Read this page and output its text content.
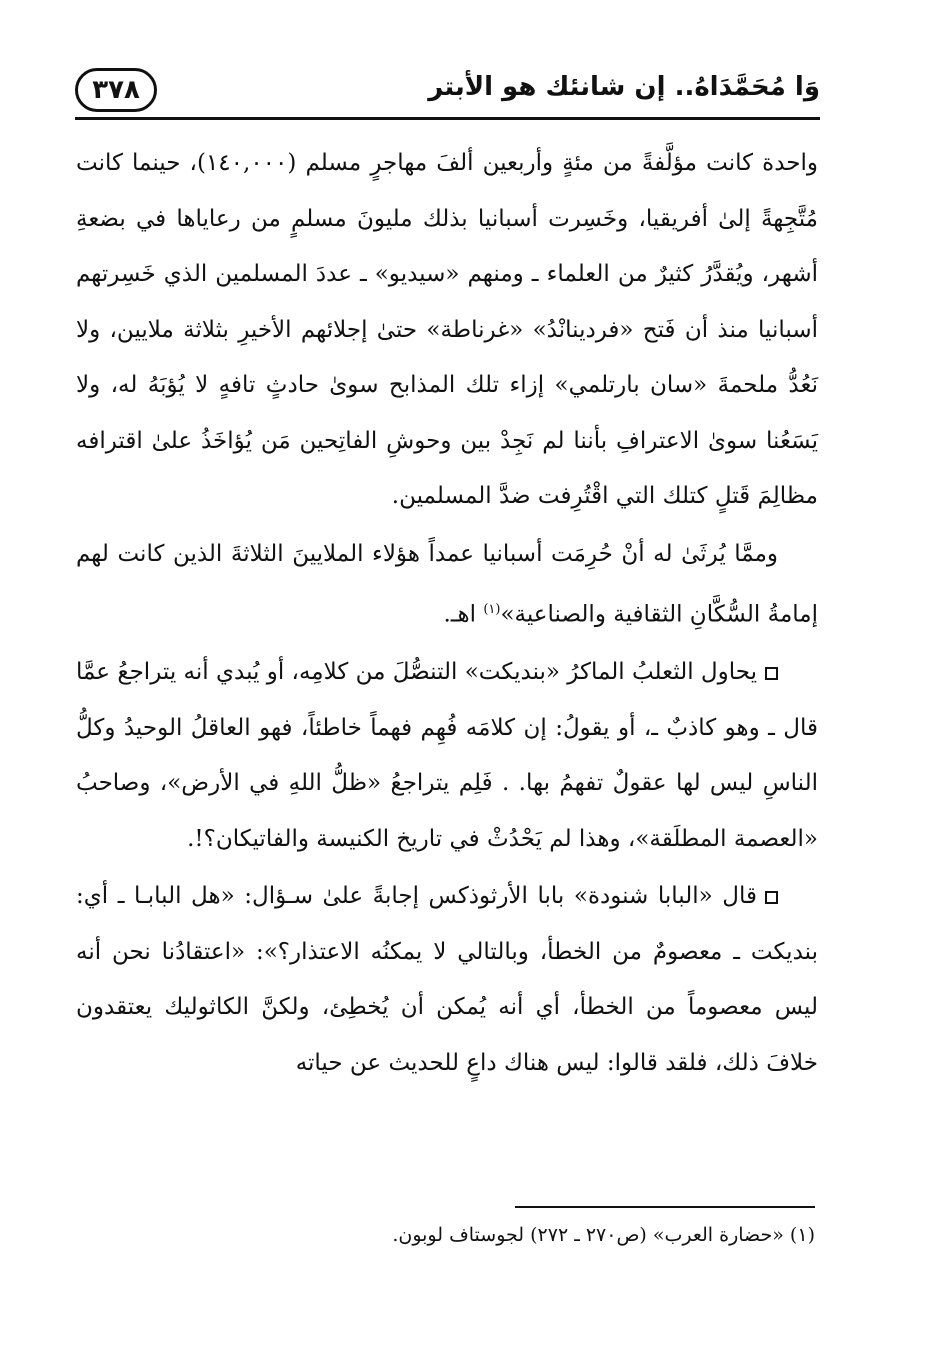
وَا مُحَمَّدَاهُ.. إن شانئك هو الأبتر
٣٧٨

واحدة كانت مؤلَّفةً من مئةٍ وأربعين ألفَ مهاجرٍ مسلم (١٤٠,٠٠٠)، حينما كانت مُتَّجِهةً إلىٰ أفريقيا، وخَسِرت أسبانيا بذلك مليونَ مسلمٍ من رعاياها في بضعةِ أشهر، ويُقدَّرُ كثيرٌ من العلماء ـ ومنهم «سيديو» ـ عددَ المسلمين الذي خَسِرتهم أسبانيا منذ أن فَتح «فردينانْدُ» «غرناطة» حتىٰ إجلائهم الأخيرِ بثلاثة ملايين، ولا نَعُدُّ ملحمةَ «سان بارتلمي» إزاء تلك المذابح سوىٰ حادثٍ تافهٍ لا يُؤبَهُ له، ولا يَسَعُنا سوىٰ الاعترافِ بأننا لم نَجِدْ بين وحوشِ الفاتِحين مَن يُؤاخَذُ علىٰ اقترافه مظالِمَ قَتلٍ كتلك التي اقْتُرِفت ضدَّ المسلمين.

وممَّا يُرثَىٰ له أنْ حُرِمَت أسبانيا عمداً هؤلاء الملايينَ الثلاثةَ الذين كانت لهم إمامةُ السُّكَّانِ الثقافية والصناعية»$^{(١)}$ اهـ.

يحاول الثعلبُ الماكرُ «بنديكت» التنصُّلَ من كلامِه، أو يُبدي أنه يتراجعُ عمَّا قال ـ وهو كاذبٌ ـ، أو يقولُ: إن كلامَه فُهِم فهماً خاطئاً، فهو العاقلُ الوحيدُ وكلُّ الناسِ ليس لها عقولٌ تفهمُ بها. . فَلِم يتراجعُ «ظلُّ اللهِ في الأرض»، وصاحبُ «العصمة المطلَقة»، وهذا لم يَحْدُثْ في تاريخ الكنيسة والفاتيكان؟!.

قال «البابا شنودة» بابا الأرثوذكس إجابةً علىٰ سـؤال: «هل البابـا ـ أي: بنديكت ـ معصومٌ من الخطأ، وبالتالي لا يمكنُه الاعتذار؟»: «اعتقادُنا نحن أنه ليس معصوماً من الخطأ، أي أنه يُمكن أن يُخطِئ، ولكنَّ الكاثوليك يعتقدون خلافَ ذلك، فلقد قالوا: ليس هناك داعٍ للحديث عن حياته

(١) «حضارة العرب» (ص٢٧٠ ـ ٢٧٢) لجوستاف لوبون.
